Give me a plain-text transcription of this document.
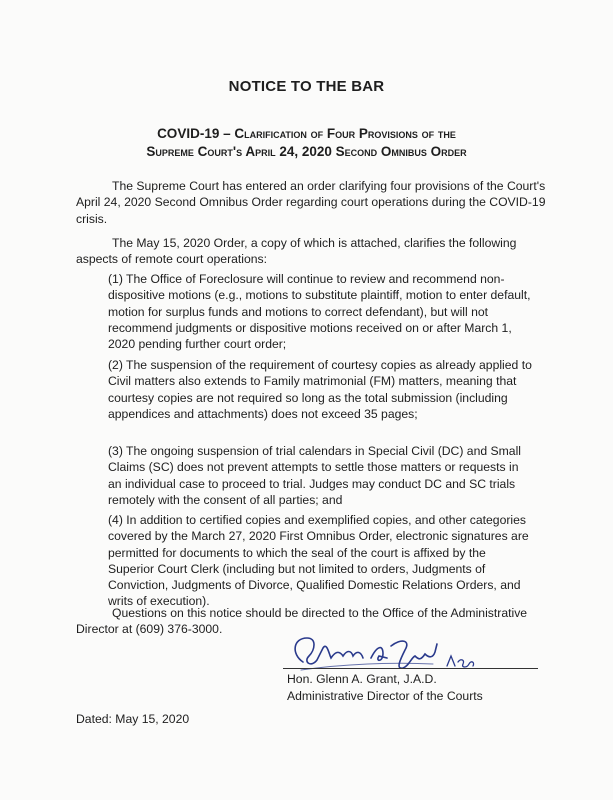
NOTICE TO THE BAR
COVID-19 – Clarification of Four Provisions of the
Supreme Court's April 24, 2020 Second Omnibus Order

The Supreme Court has entered an order clarifying four provisions of the Court's April 24, 2020 Second Omnibus Order regarding court operations during the COVID-19 crisis.

The May 15, 2020 Order, a copy of which is attached, clarifies the following aspects of remote court operations:

(1) The Office of Foreclosure will continue to review and recommend non-dispositive motions (e.g., motions to substitute plaintiff, motion to enter default, motion for surplus funds and motions to correct defendant), but will not recommend judgments or dispositive motions received on or after March 1, 2020 pending further court order;

(2) The suspension of the requirement of courtesy copies as already applied to Civil matters also extends to Family matrimonial (FM) matters, meaning that courtesy copies are not required so long as the total submission (including appendices and attachments) does not exceed 35 pages;

(3) The ongoing suspension of trial calendars in Special Civil (DC) and Small Claims (SC) does not prevent attempts to settle those matters or requests in an individual case to proceed to trial. Judges may conduct DC and SC trials remotely with the consent of all parties; and

(4) In addition to certified copies and exemplified copies, and other categories covered by the March 27, 2020 First Omnibus Order, electronic signatures are permitted for documents to which the seal of the court is affixed by the Superior Court Clerk (including but not limited to orders, Judgments of Conviction, Judgments of Divorce, Qualified Domestic Relations Orders, and writs of execution).

Questions on this notice should be directed to the Office of the Administrative Director at (609) 376-3000.

Hon. Glenn A. Grant, J.A.D.
Administrative Director of the Courts
Dated: May 15, 2020
